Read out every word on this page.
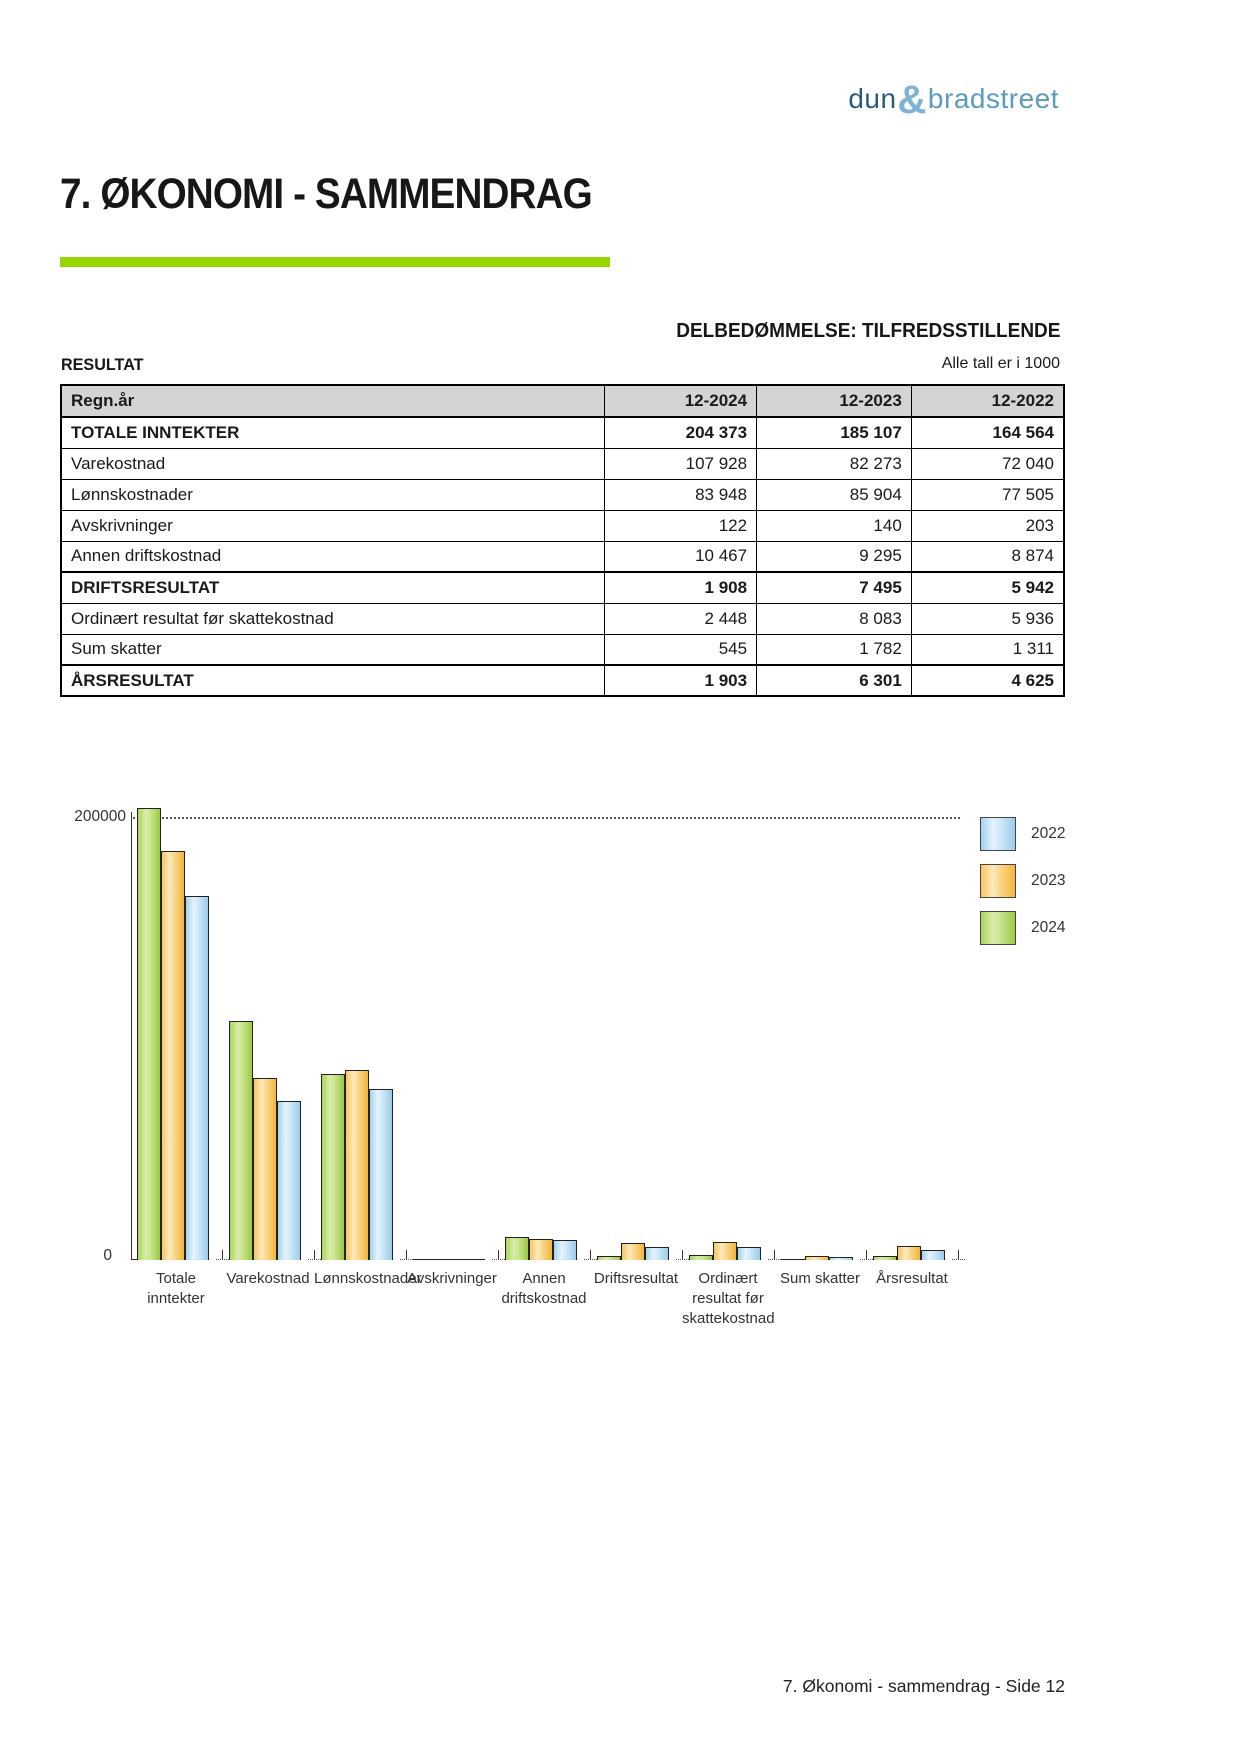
dun&bradstreet
7. ØKONOMI - SAMMENDRAG
DELBEDØMMELSE: TILFREDSSTILLENDE
RESULTAT	Alle tall er i 1000
Regn.år	12-2024	12-2023	12-2022
TOTALE INNTEKTER	204 373	185 107	164 564
Varekostnad	107 928	82 273	72 040
Lønnskostnader	83 948	85 904	77 505
Avskrivninger	122	140	203
Annen driftskostnad	10 467	9 295	8 874
DRIFTSRESULTAT	1 908	7 495	5 942
Ordinært resultat før skattekostnad	2 448	8 083	5 936
Sum skatter	545	1 782	1 311
ÅRSRESULTAT	1 903	6 301	4 625
200000
0
Totale
inntekter
Varekostnad Lønnskostnader
Avskrivninger	Annen
driftskostnad
Driftsresultat	Ordinært
resultat før
skattekostnad
Sum skatter	Årsresultat
2022
2023
2024
7. Økonomi - sammendrag - Side 12
